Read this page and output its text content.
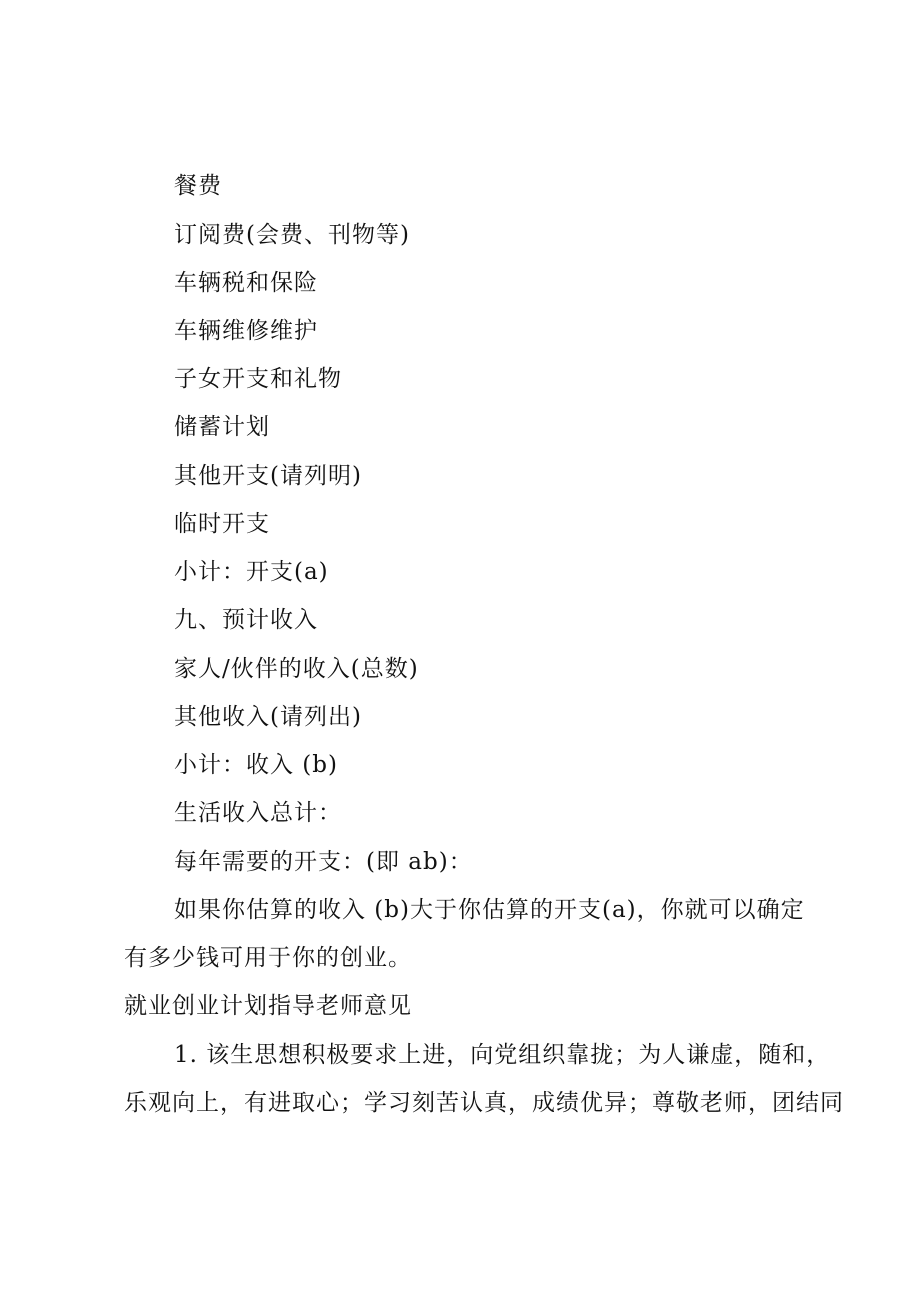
餐费
订阅费(会费、刊物等)
车辆税和保险
车辆维修维护
子女开支和礼物
储蓄计划
其他开支(请列明)
临时开支
小计：开支(a)
九、预计收入
家人/伙伴的收入(总数)
其他收入(请列出)
小计：收入 (b)
生活收入总计：
每年需要的开支：(即 ab)：
如果你估算的收入 (b)大于你估算的开支(a)，你就可以确定
有多少钱可用于你的创业。
就业创业计划指导老师意见
1. 该生思想积极要求上进，向党组织靠拢；为人谦虚，随和，
乐观向上，有进取心；学习刻苦认真，成绩优异；尊敬老师，团结同
